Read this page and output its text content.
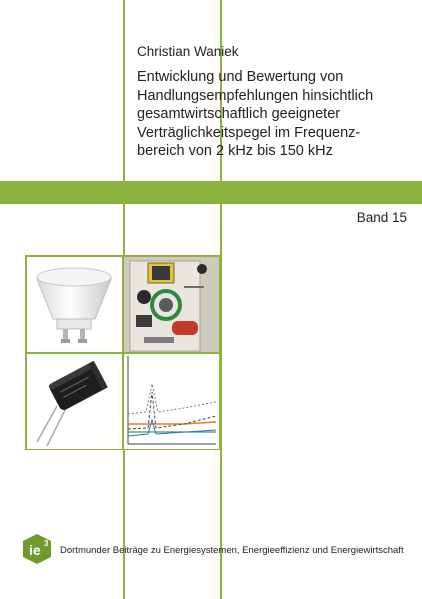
Christian Waniek
Entwicklung und Bewertung von
Handlungsempfehlungen hinsichtlich
gesamtwirtschaftlich geeigneter
Verträglichkeitspegel im Frequenz-
bereich von 2 kHz bis 150 kHz
Band 15
ie 3
Dortmunder Beiträge zu Energiesystemen, Energieeffizienz und Energiewirtschaft
